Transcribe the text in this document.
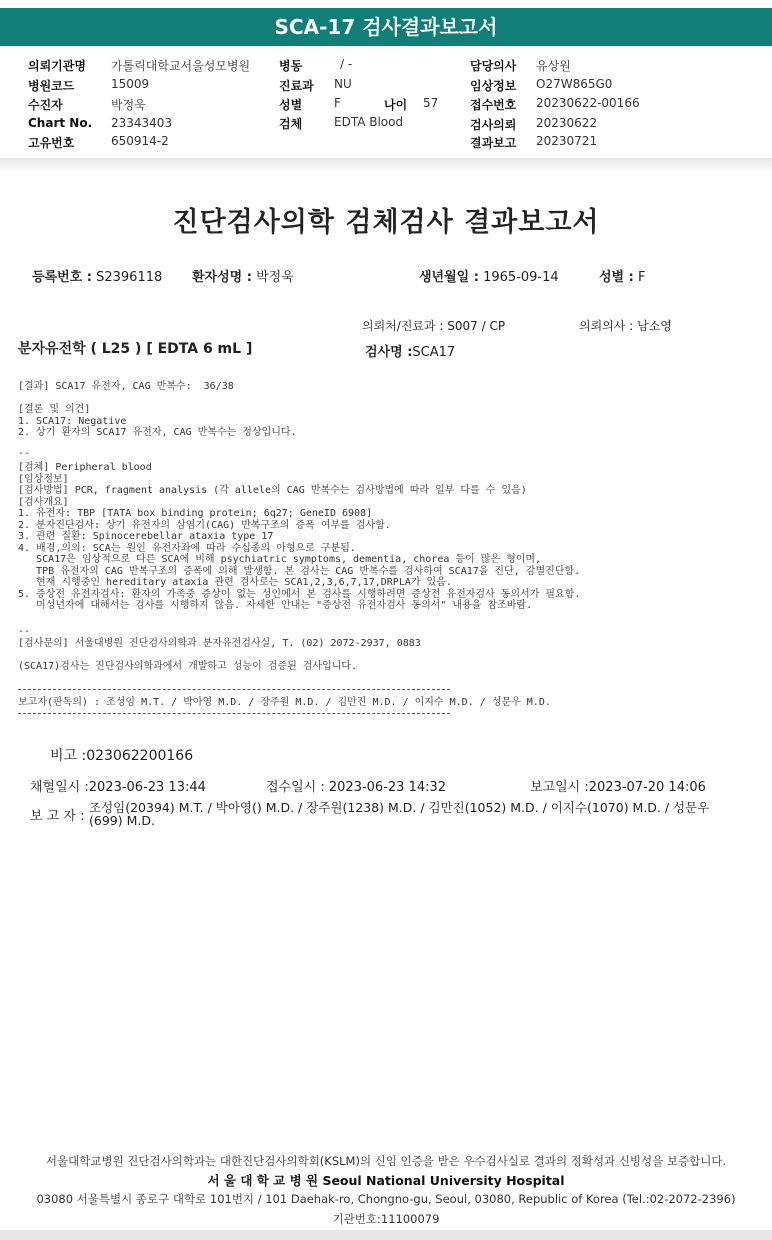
SCA-17 검사결과보고서
의뢰기관명 가톨릭대학교서울성모병원
병원코드	15009
수진자	박정욱
Chart No. 23343403
고유번호	650914-2
병동	/ -
진료과 NU
성별	F	나이 57
검체	EDTA Blood
담당의사 유상원
임상정보 O27W865G0
접수번호 20230622-00166
검사의뢰 20230622
결과보고 20230721
진단검사의학 검체검사 결과보고서
등록번호 : S2396118 환자성명 : 박정욱	생년월일 : 1965-09-14	성별 : F
의뢰처/진료과 : S007 / CP	의뢰의사 : 남소영
분자유전학 ( L25 ) [ EDTA 6 mL ]	검사명 :SCA17
[결과] SCA17 유전자, CAG 반복수:  36/38
[결론 및 의견]
1. SCA17: Negative
2. 상기 환자의 SCA17 유전자, CAG 반복수는 정상입니다.
--
[검체] Peripheral blood
[임상정보]
[검사방법] PCR, fragment analysis (각 allele의 CAG 반복수는 검사방법에 따라 일부 다를 수 있음)
[검사개요]
1. 유전자: TBP [TATA box binding protein; 6q27; GeneID 6908]
2. 분자진단검사: 상기 유전자의 삼염기(CAG) 반복구조의 증폭 여부를 검사함.
3. 관련 질환: Spinocerebellar ataxia type 17
4. 배경,의의: SCA는 원인 유전자좌에 따라 수십종의 아형으로 구분됨.
SCA17은 임상적으로 다른 SCA에 비해 psychiatric symptoms, dementia, chorea 등이 많은 형이며,
TPB 유전자의 CAG 반복구조의 증폭에 의해 발생함. 본 검사는 CAG 반복수를 검사하여 SCA17을 진단, 감별진단함.
현재 시행중인 hereditary ataxia 관련 검사로는 SCA1,2,3,6,7,17,DRPLA가 있음.
5. 증상전 유전자검사: 환자의 가족중 증상이 없는 성인에서 본 검사를 시행하려면 증상전 유전자검사 동의서가 필요함.
미성년자에 대해서는 검사를 시행하지 않음. 자세한 안내는 "증상전 유전자검사 동의서" 내용을 참조바람.
--
[검사문의] 서울대병원 진단검사의학과 분자유전검사실, T. (02) 2072-2937, 0883
(SCA17)검사는 진단검사의학과에서 개발하고 성능이 검증된 검사입니다.
보고자(판독의) : 조성임 M.T. / 박아영 M.D. / 장주원 M.D. / 김만진 M.D. / 이지수 M.D. / 성문우 M.D.
비고 :023062200166
채혈일시 :2023-06-23 13:44	접수일시 : 2023-06-23 14:32	보고일시 :2023-07-20 14:06
보 고 자 :
조성임(20394) M.T. / 박아영() M.D. / 장주원(1238) M.D. / 김만진(1052) M.D. / 이지수(1070) M.D. / 성문우
(699) M.D.
서울대학교병원 진단검사의학과는 대한진단검사의학회(KSLM)의 신임 인증을 받은 우수검사실로 결과의 정확성과 신빙성을 보증합니다.
서 울 대 학 교 병 원 Seoul National University Hospital
03080 서울특별시 종로구 대학로 101번지 / 101 Daehak-ro, Chongno-gu, Seoul, 03080, Republic of Korea (Tel.:02-2072-2396)
기관번호:11100079
